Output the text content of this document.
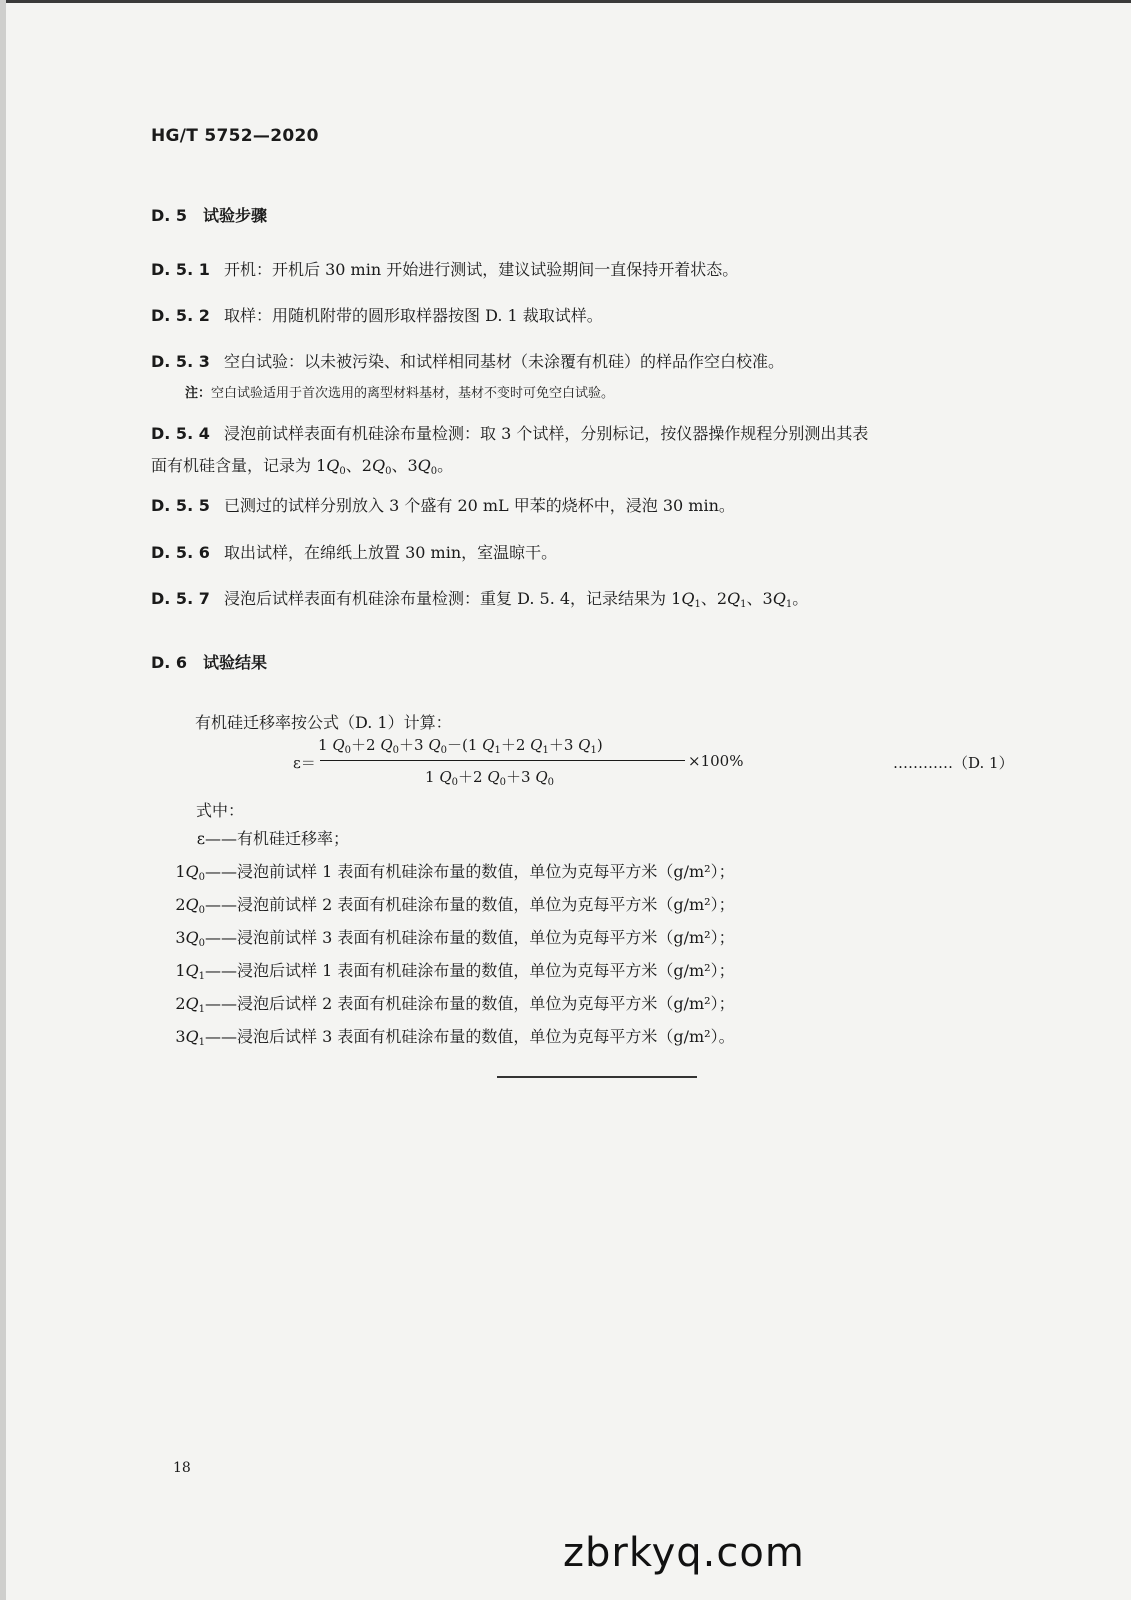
HG/T 5752—2020
D. 5 试验步骤
D. 5. 1 开机：开机后 30 min 开始进行测试，建议试验期间一直保持开着状态。
D. 5. 2 取样：用随机附带的圆形取样器按图 D. 1 裁取试样。
D. 5. 3 空白试验：以未被污染、和试样相同基材（未涂覆有机硅）的样品作空白校准。
注：空白试验适用于首次选用的离型材料基材，基材不变时可免空白试验。
D. 5. 4 浸泡前试样表面有机硅涂布量检测：取 3 个试样，分别标记，按仪器操作规程分别测出其表
面有机硅含量，记录为 $1Q_0$、$2Q_0$、$3Q_0$。
D. 5. 5 已测过的试样分别放入 3 个盛有 20 mL 甲苯的烧杯中，浸泡 30 min。
D. 5. 6 取出试样，在绵纸上放置 30 min，室温晾干。
D. 5. 7 浸泡后试样表面有机硅涂布量检测：重复 D. 5. 4，记录结果为 $1Q_1$、$2Q_1$、$3Q_1$。
D. 6 试验结果
有机硅迁移率按公式（D. 1）计算：
ε＝
1 $Q_0+2$ $Q_0+3$ $Q_0-(1$ $Q_1+2$ $Q_1+3$ $Q_1$)
1 $Q_0+2$ $Q_0+3$ $Q_0$
×100%	…………（D. 1）
式中：
ε——有机硅迁移率；
$1Q_0——$浸泡前试样 1 表面有机硅涂布量的数值，单位为克每平方米（g/m²）；
$2Q_0——$浸泡前试样 2 表面有机硅涂布量的数值，单位为克每平方米（g/m²）；
$3Q_0——$浸泡前试样 3 表面有机硅涂布量的数值，单位为克每平方米（g/m²）；
$1Q_1——$浸泡后试样 1 表面有机硅涂布量的数值，单位为克每平方米（g/m²）；
$2Q_1——$浸泡后试样 2 表面有机硅涂布量的数值，单位为克每平方米（g/m²）；
$3Q_1——$浸泡后试样 3 表面有机硅涂布量的数值，单位为克每平方米（g/m²）。
18
zbrkyq.com
